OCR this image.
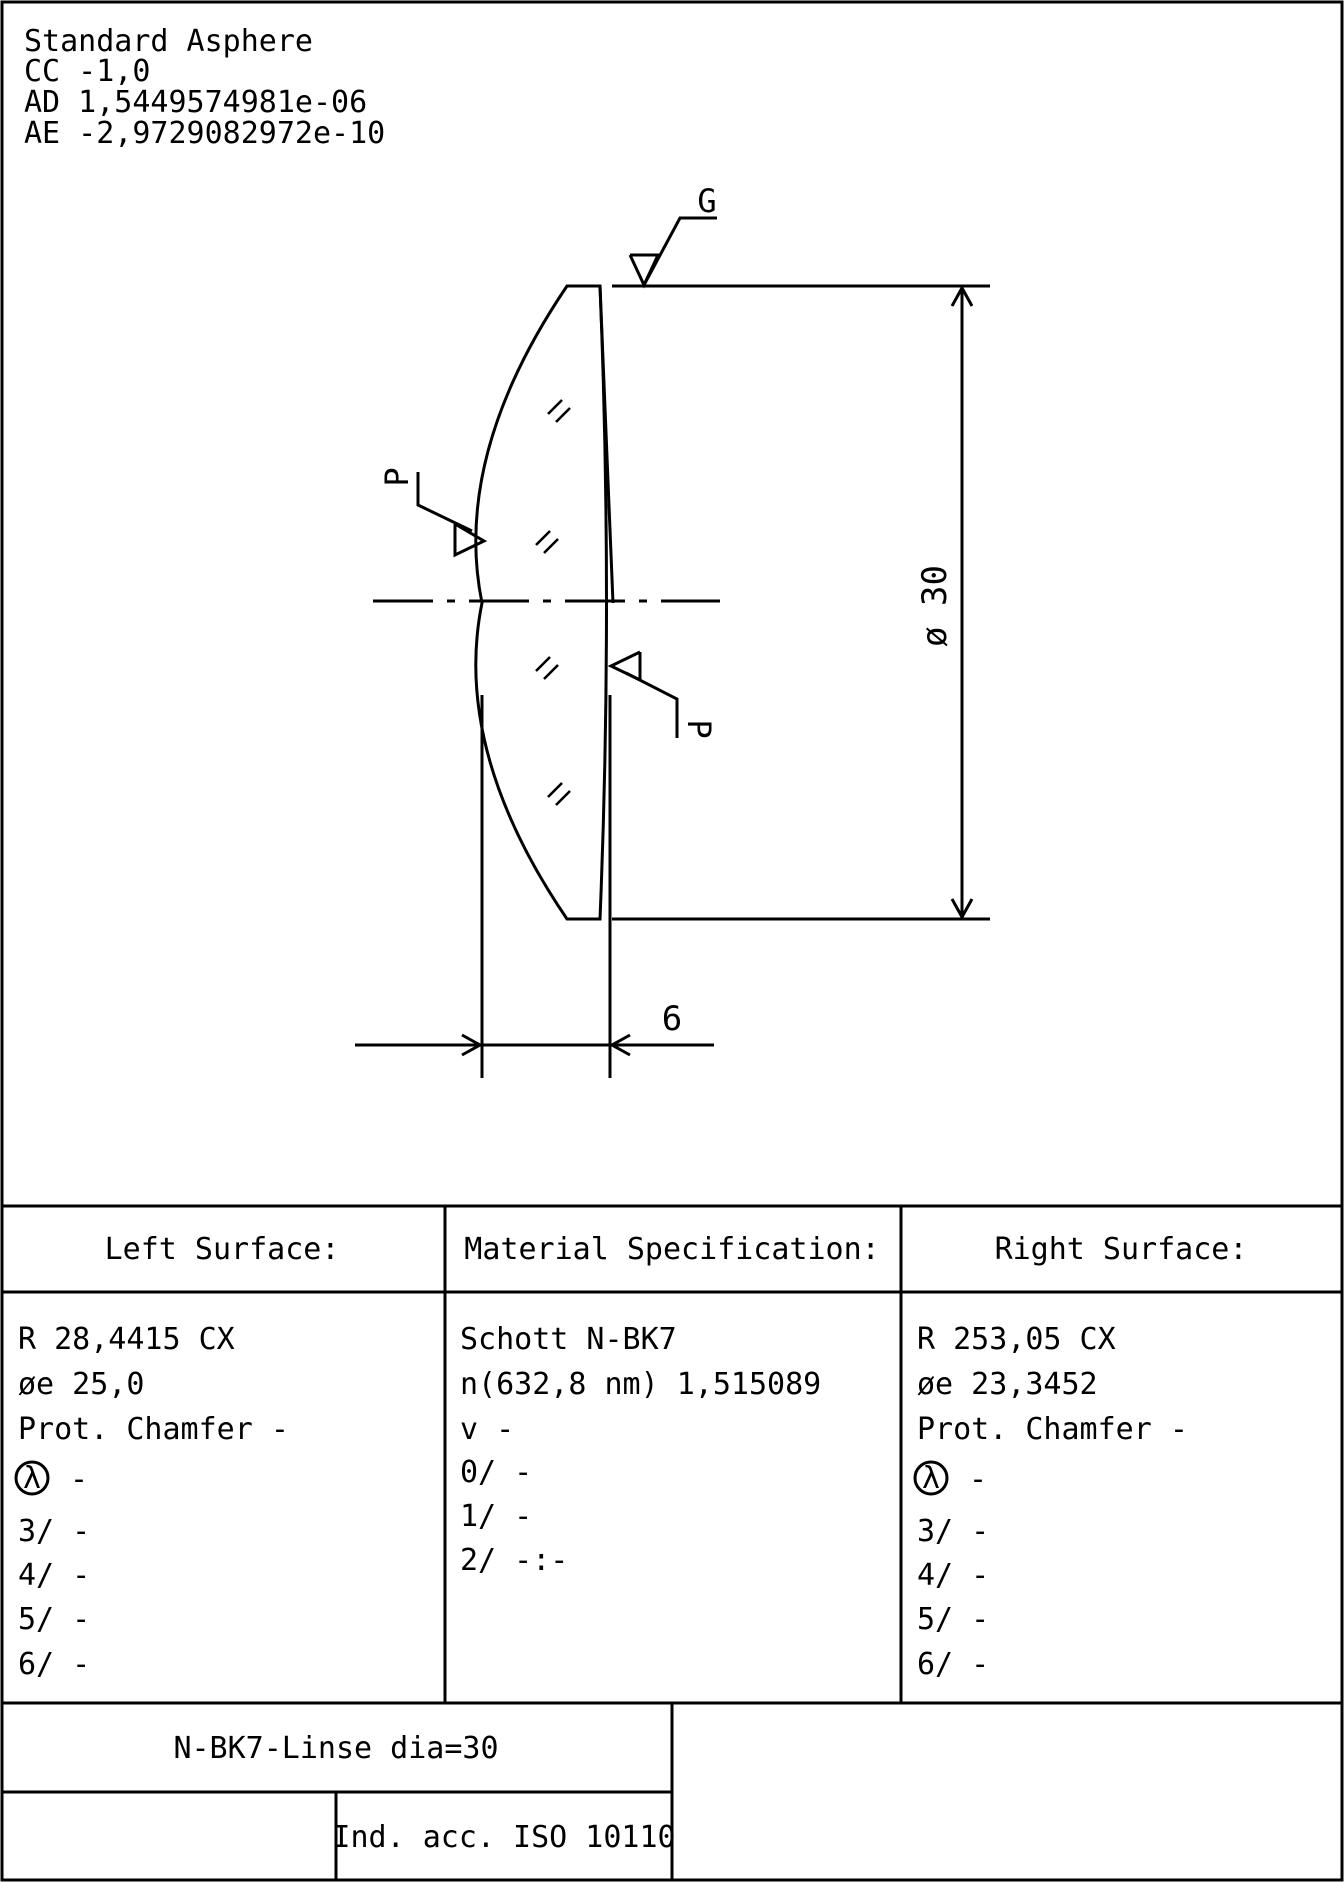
Standard Asphere
CC -1,0
AD 1,5449574981e-06
AE -2,9729082972e-10
ø 30
6
G
P
P
Left Surface:	Material Specification:	Right Surface:
R 28,4415 CX
øe 25,0
Prot. Chamfer -
λ -
3/ -
4/ -
5/ -
6/ -
Schott N-BK7
n(632,8 nm) 1,515089
v -
0/ -
1/ -
2/ -:-
R 253,05 CX
øe 23,3452
Prot. Chamfer -
λ -
3/ -
4/ -
5/ -
6/ -
N-BK7-Linse dia=30
Ind. acc. ISO 10110
